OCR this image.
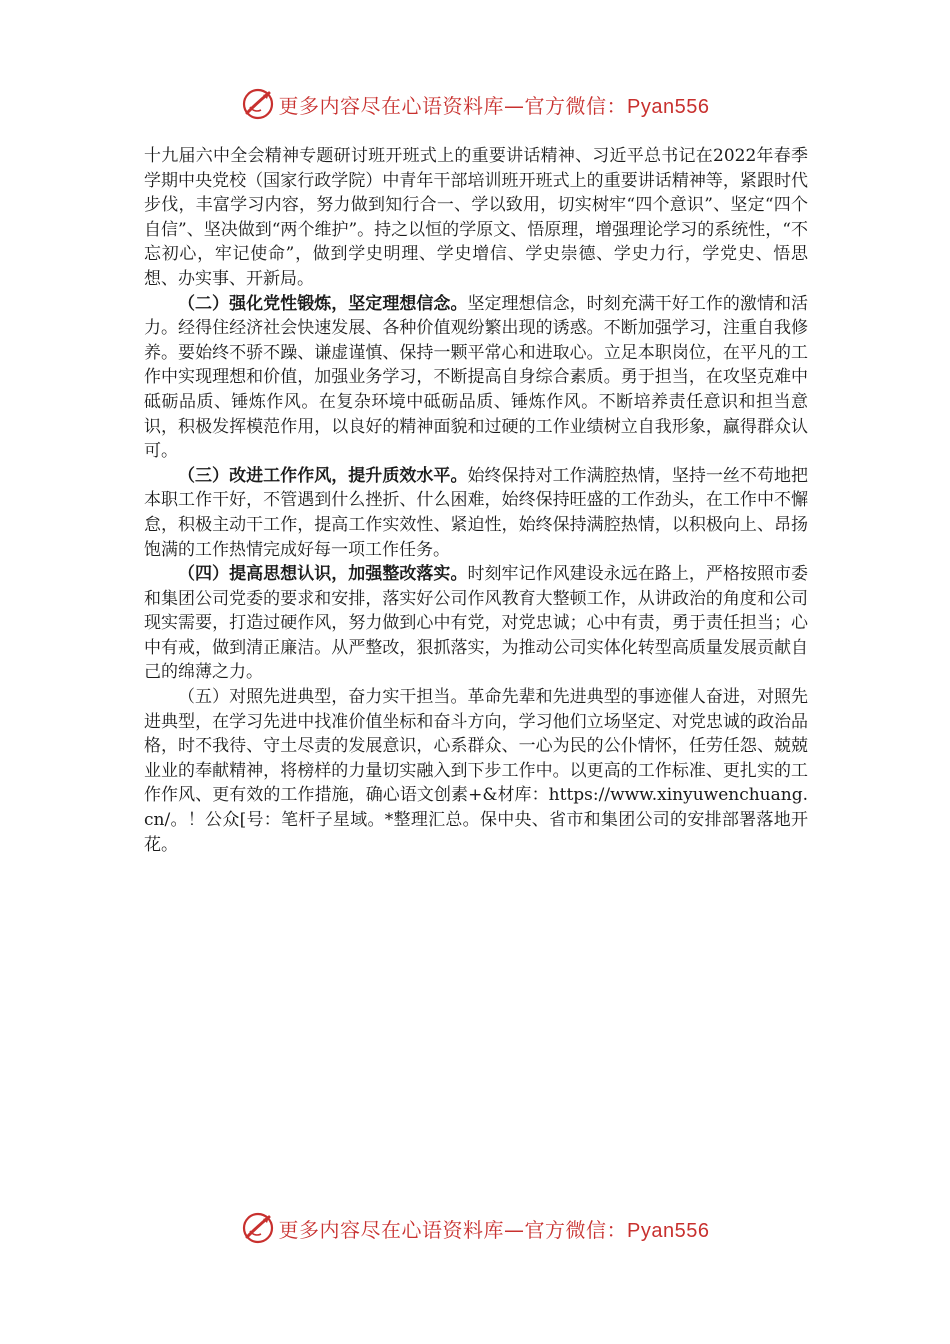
更多内容尽在心语资料库—官方微信：Pyan556

十九届六中全会精神专题研讨班开班式上的重要讲话精神、习近平总书记在2022年春季学期中央党校（国家行政学院）中青年干部培训班开班式上的重要讲话精神等，紧跟时代步伐，丰富学习内容，努力做到知行合一、学以致用，切实树牢“四个意识”、坚定“四个自信”、坚决做到“两个维护”。持之以恒的学原文、悟原理，增强理论学习的系统性，“不忘初心，牢记使命”，做到学史明理、学史增信、学史崇德、学史力行，学党史、悟思想、办实事、开新局。

（二）强化党性锻炼，坚定理想信念。坚定理想信念，时刻充满干好工作的激情和活力。经得住经济社会快速发展、各种价值观纷繁出现的诱惑。不断加强学习，注重自我修养。要始终不骄不躁、谦虚谨慎、保持一颗平常心和进取心。立足本职岗位，在平凡的工作中实现理想和价值，加强业务学习，不断提高自身综合素质。勇于担当，在攻坚克难中砥砺品质、锤炼作风。在复杂环境中砥砺品质、锤炼作风。不断培养责任意识和担当意识，积极发挥模范作用，以良好的精神面貌和过硬的工作业绩树立自我形象，赢得群众认可。

（三）改进工作作风，提升质效水平。始终保持对工作满腔热情，坚持一丝不苟地把本职工作干好，不管遇到什么挫折、什么困难，始终保持旺盛的工作劲头，在工作中不懈怠，积极主动干工作，提高工作实效性、紧迫性，始终保持满腔热情，以积极向上、昂扬饱满的工作热情完成好每一项工作任务。

（四）提高思想认识，加强整改落实。时刻牢记作风建设永远在路上，严格按照市委和集团公司党委的要求和安排，落实好公司作风教育大整顿工作，从讲政治的角度和公司现实需要，打造过硬作风，努力做到心中有党，对党忠诚；心中有责，勇于责任担当；心中有戒，做到清正廉洁。从严整改，狠抓落实，为推动公司实体化转型高质量发展贡献自己的绵薄之力。

（五）对照先进典型，奋力实干担当。革命先辈和先进典型的事迹催人奋进，对照先进典型，在学习先进中找准价值坐标和奋斗方向，学习他们立场坚定、对党忠诚的政治品格，时不我待、守土尽责的发展意识，心系群众、一心为民的公仆情怀，任劳任怨、兢兢业业的奉献精神，将榜样的力量切实融入到下步工作中。以更高的工作标准、更扎实的工作作风、更有效的工作措施，确心语文创素+&材库：https://www.xinyuwenchuang.cn/。！公众[号：笔杆子星域。*整理汇总。保中央、省市和集团公司的安排部署落地开花。

更多内容尽在心语资料库—官方微信：Pyan556
